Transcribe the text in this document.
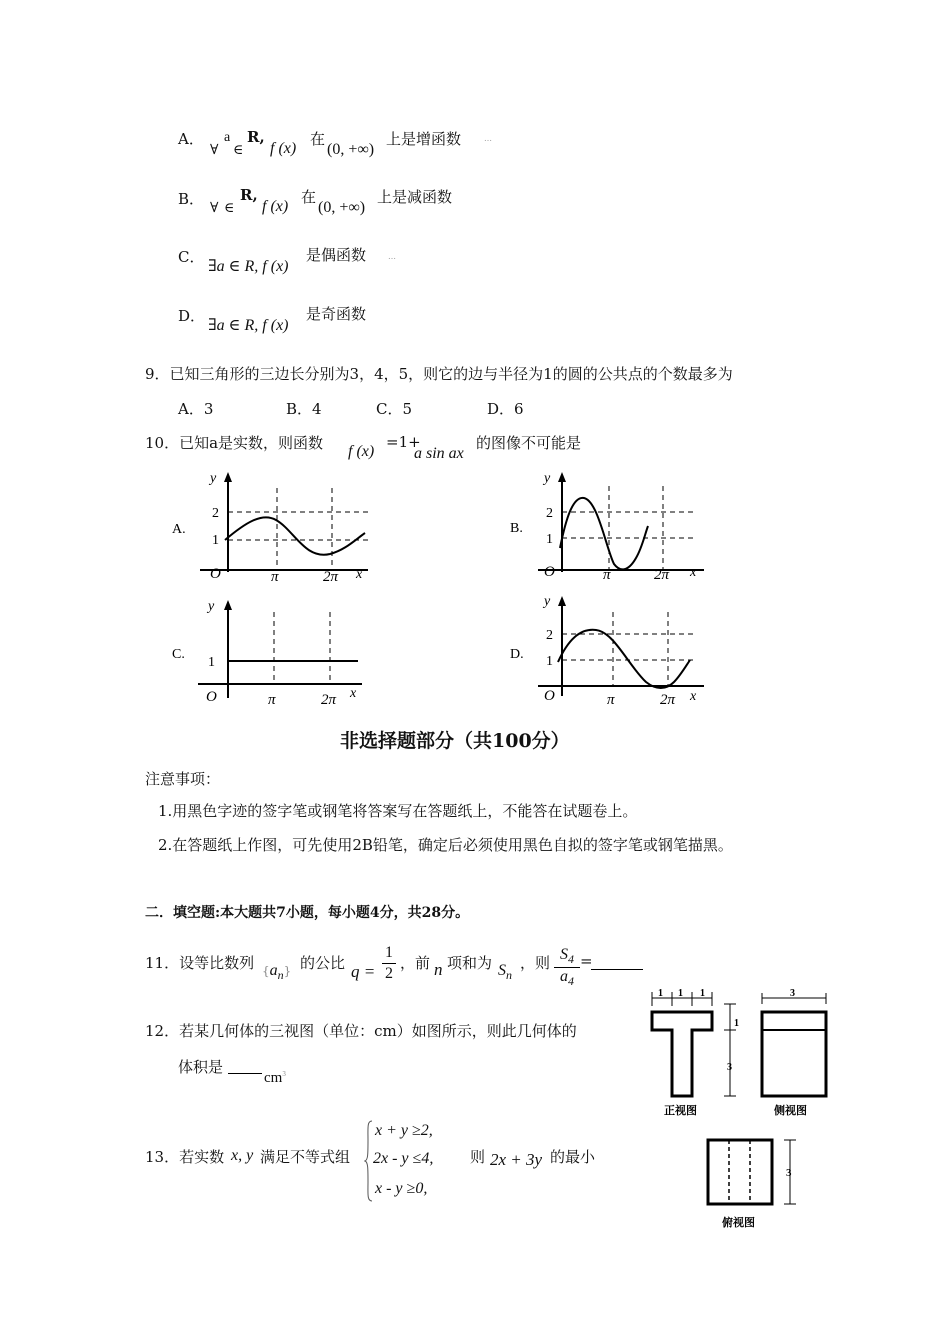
A．
∀
a
∈
R,
f (x)
在
(0, +∞)
上是增函数	…
B． ∀ ∈
R,
f (x)
在
(0, +∞)
上是减函数
C．
∃a ∈ R, f (x)
是偶函数	…
D．
∃a ∈ R, f (x)
是奇函数
9．已知三角形的三边长分别为3，4，5，则它的边与半径为1的圆的公共点的个数最多为
A．3	B．4	C．5	D．6
10．已知a是实数，则函数 f (x)
=1+
a sin ax
的图像不可能是
A.
y
2
1
O	π	2π x
B.
y
2
1
O	π	2π x
C.
y
1
O	π	2π x
D.
y
2
1
O	π	2π x
非选择题部分（共100分）
注意事项：
1.用黑色字迹的签字笔或钢笔将答案写在答题纸上，不能答在试题卷上。
2.在答题纸上作图，可先使用2B铅笔，确定后必须使用黑色自拟的签字笔或钢笔描黑。
二．填空题:本大题共7小题，每小题4分，共28分。
11．设等比数列 $\{a_n\}$ 的公比 q =
1
2
，前 n 项和为 $S_n$
，则 $S_4$
$a_4$
=
12．若某几何体的三视图（单位：cm）如图所示，则此几何体的
体积是
$cm^3$
13．若实数 x, y 满足不等式组
x + y ≥2,
2x - y ≤4,
x - y ≥0,
则 2x + 3y 的最小
1 1 1
1
3
正视图
3
侧视图
3
俯视图
